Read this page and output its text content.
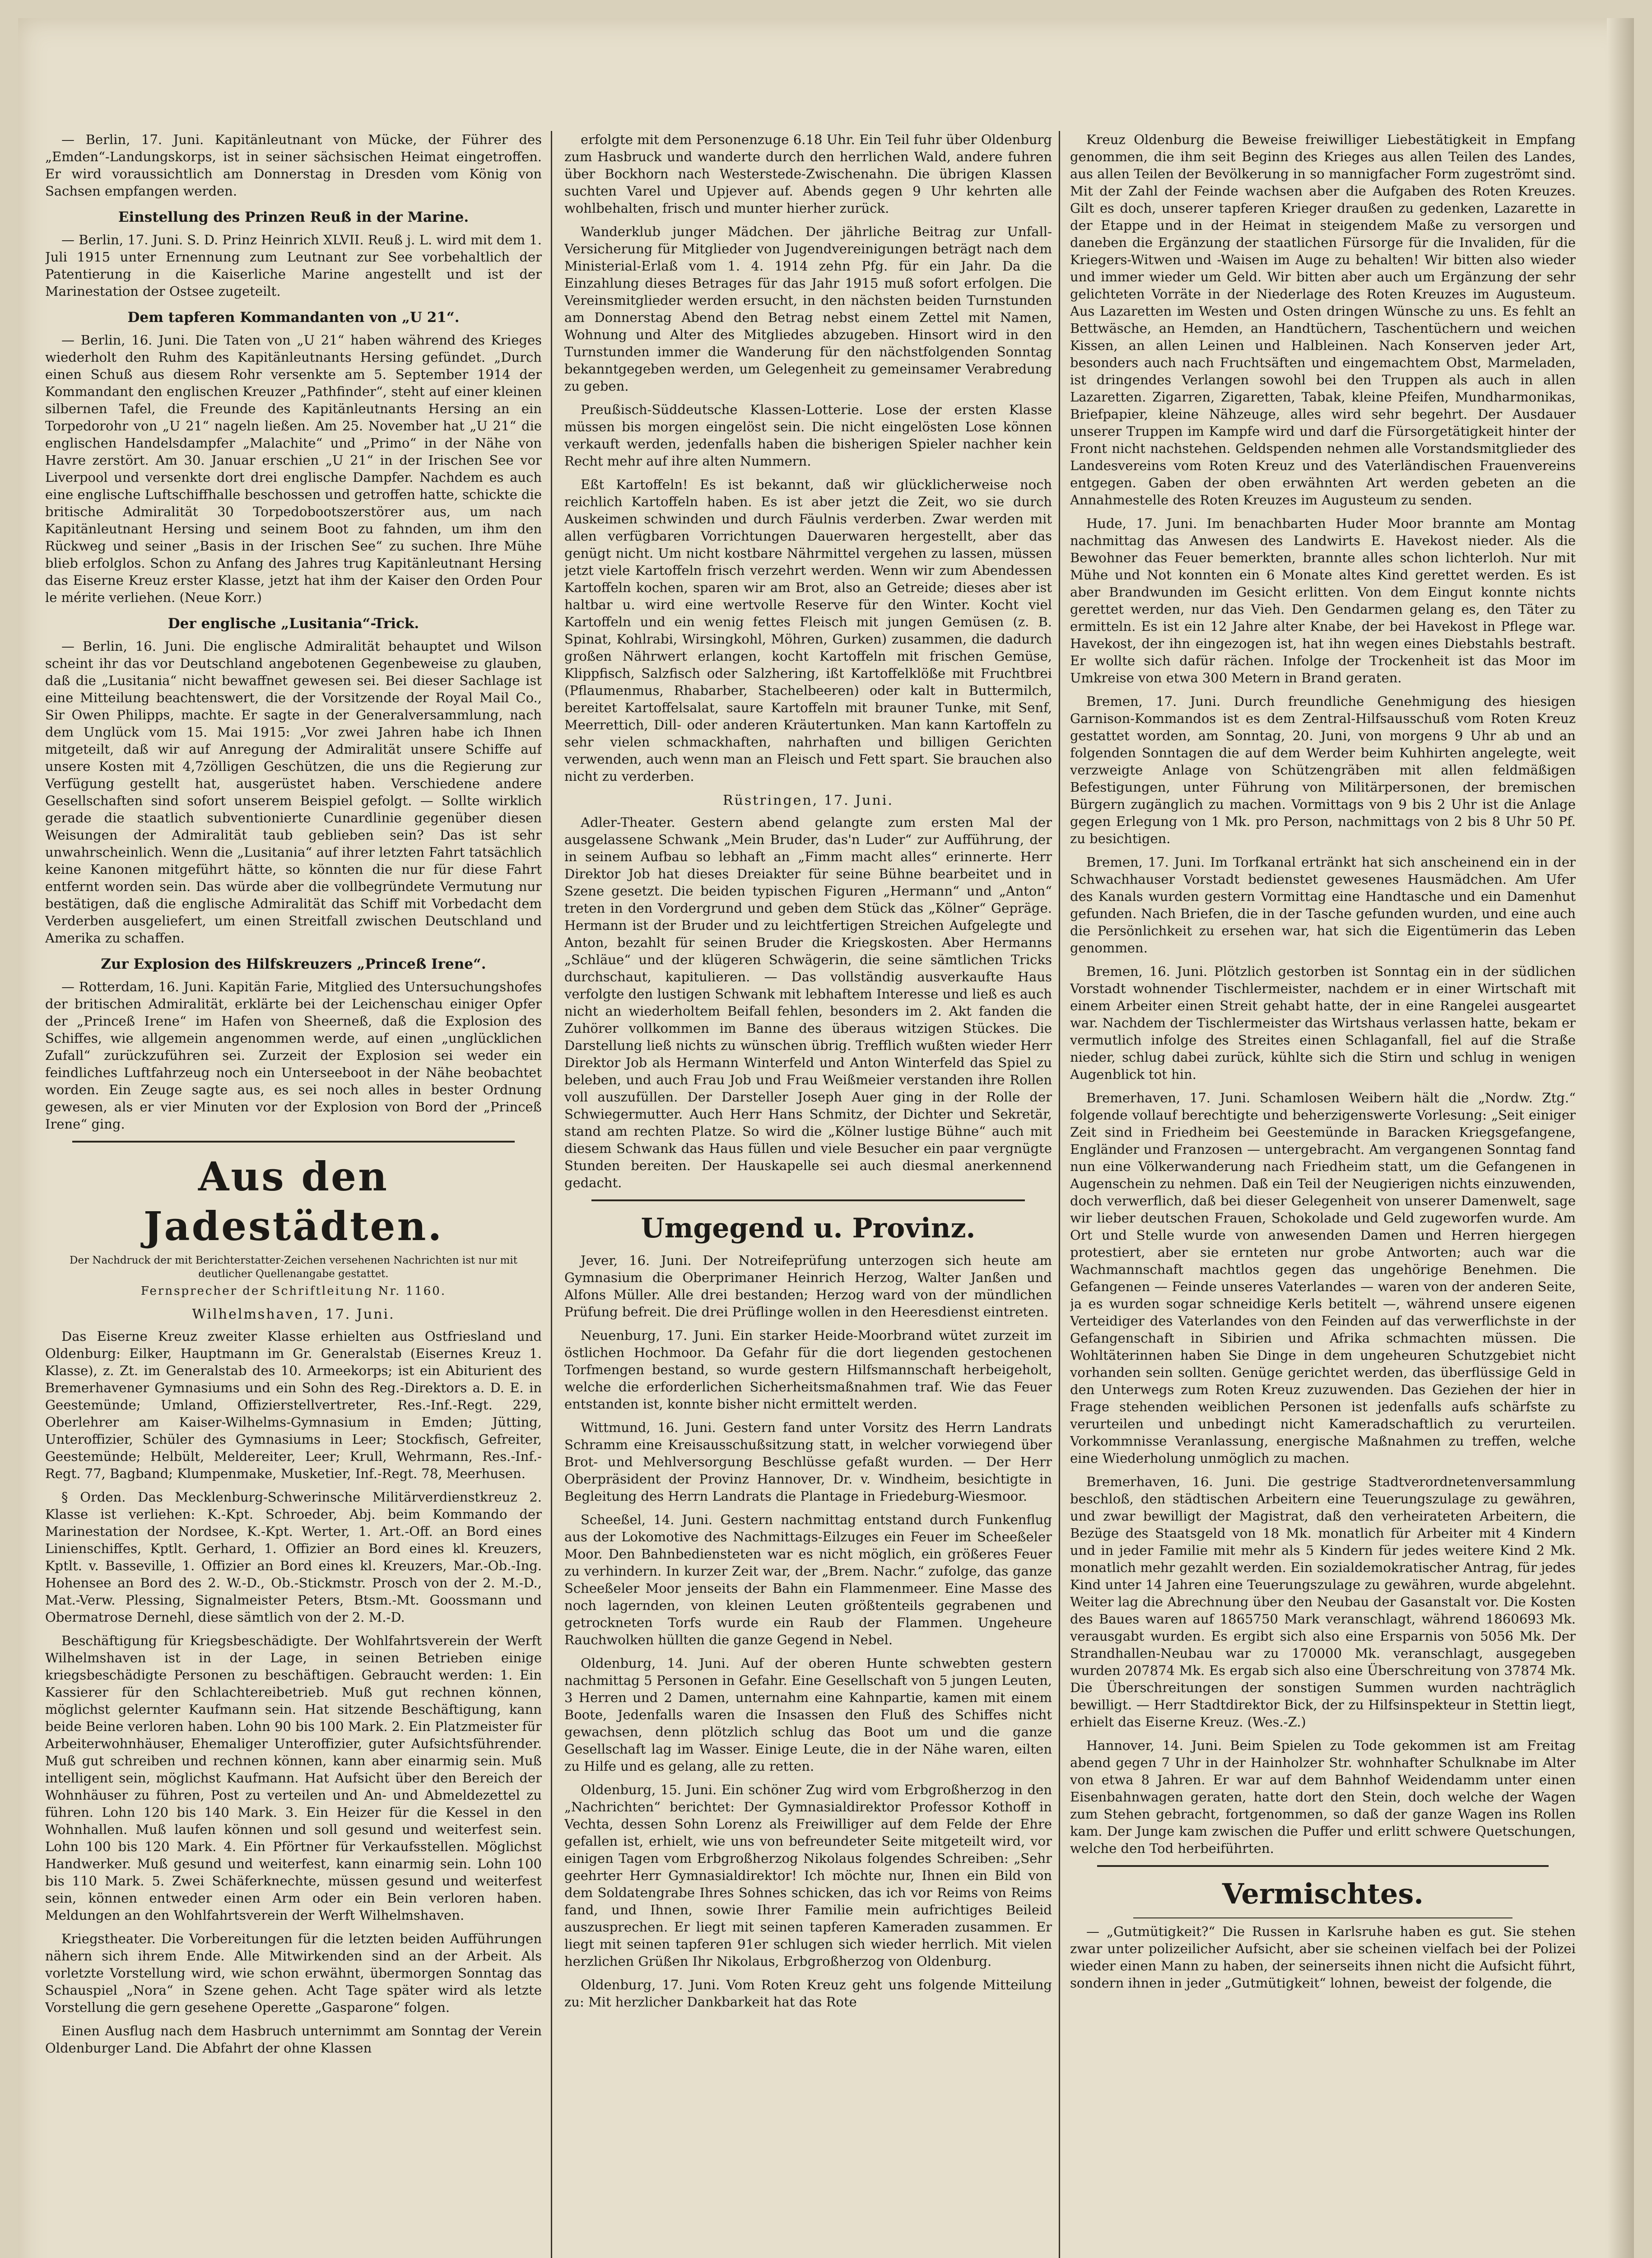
— Berlin, 17. Juni. Kapitänleutnant von Mücke, der Führer des „Emden“-Landungskorps, ist in seiner sächsischen Heimat eingetroffen. Er wird voraussichtlich am Donnerstag in Dresden vom König von Sachsen empfangen werden.

Einstellung des Prinzen Reuß in der Marine.

— Berlin, 17. Juni. S. D. Prinz Heinrich XLVII. Reuß j. L. wird mit dem 1. Juli 1915 unter Ernennung zum Leutnant zur See vorbehaltlich der Patentierung in die Kaiserliche Marine angestellt und ist der Marinestation der Ostsee zugeteilt.

Dem tapferen Kommandanten von „U 21“.

— Berlin, 16. Juni. Die Taten von „U 21“ haben während des Krieges wiederholt den Ruhm des Kapitänleutnants Hersing gefündet. „Durch einen Schuß aus diesem Rohr versenkte am 5. September 1914 der Kommandant den englischen Kreuzer „Pathfinder“, steht auf einer kleinen silbernen Tafel, die Freunde des Kapitänleutnants Hersing an ein Torpedorohr von „U 21“ nageln ließen. Am 25. November hat „U 21“ die englischen Handelsdampfer „Malachite“ und „Primo“ in der Nähe von Havre zerstört. Am 30. Januar erschien „U 21“ in der Irischen See vor Liverpool und versenkte dort drei englische Dampfer. Nachdem es auch eine englische Luftschiffhalle beschossen und getroffen hatte, schickte die britische Admiralität 30 Torpedobootszerstörer aus, um nach Kapitänleutnant Hersing und seinem Boot zu fahnden, um ihm den Rückweg und seiner „Basis in der Irischen See“ zu suchen. Ihre Mühe blieb erfolglos. Schon zu Anfang des Jahres trug Kapitänleutnant Hersing das Eiserne Kreuz erster Klasse, jetzt hat ihm der Kaiser den Orden Pour le mérite verliehen. (Neue Korr.)

Der englische „Lusitania“-Trick.

— Berlin, 16. Juni. Die englische Admiralität behauptet und Wilson scheint ihr das vor Deutschland angebotenen Gegenbeweise zu glauben, daß die „Lusitania“ nicht bewaffnet gewesen sei. Bei dieser Sachlage ist eine Mitteilung beachtenswert, die der Vorsitzende der Royal Mail Co., Sir Owen Philipps, machte. Er sagte in der Generalversammlung, nach dem Unglück vom 15. Mai 1915: „Vor zwei Jahren habe ich Ihnen mitgeteilt, daß wir auf Anregung der Admiralität unsere Schiffe auf unsere Kosten mit 4,7zölligen Geschützen, die uns die Regierung zur Verfügung gestellt hat, ausgerüstet haben. Verschiedene andere Gesellschaften sind sofort unserem Beispiel gefolgt. — Sollte wirklich gerade die staatlich subventionierte Cunardlinie gegenüber diesen Weisungen der Admiralität taub geblieben sein? Das ist sehr unwahrscheinlich. Wenn die „Lusitania“ auf ihrer letzten Fahrt tatsächlich keine Kanonen mitgeführt hätte, so könnten die nur für diese Fahrt entfernt worden sein. Das würde aber die vollbegründete Vermutung nur bestätigen, daß die englische Admiralität das Schiff mit Vorbedacht dem Verderben ausgeliefert, um einen Streitfall zwischen Deutschland und Amerika zu schaffen.

Zur Explosion des Hilfskreuzers „Princeß Irene“.

— Rotterdam, 16. Juni. Kapitän Farie, Mitglied des Untersuchungshofes der britischen Admiralität, erklärte bei der Leichenschau einiger Opfer der „Princeß Irene“ im Hafen von Sheerneß, daß die Explosion des Schiffes, wie allgemein angenommen werde, auf einen „unglücklichen Zufall“ zurückzuführen sei. Zurzeit der Explosion sei weder ein feindliches Luftfahrzeug noch ein Unterseeboot in der Nähe beobachtet worden. Ein Zeuge sagte aus, es sei noch alles in bester Ordnung gewesen, als er vier Minuten vor der Explosion von Bord der „Princeß Irene“ ging.

Aus den Jadestädten.
Der Nachdruck der mit Berichterstatter-Zeichen versehenen Nachrichten ist nur mit deutlicher Quellenangabe gestattet.
Fernsprecher der Schriftleitung Nr. 1160.
Wilhelmshaven, 17. Juni.

Das Eiserne Kreuz zweiter Klasse erhielten aus Ostfriesland und Oldenburg: Eilker, Hauptmann im Gr. Generalstab (Eisernes Kreuz 1. Klasse), z. Zt. im Generalstab des 10. Armeekorps; ist ein Abiturient des Bremerhavener Gymnasiums und ein Sohn des Reg.-Direktors a. D. E. in Geestemünde; Umland, Offizierstellvertreter, Res.-Inf.-Regt. 229, Oberlehrer am Kaiser-Wilhelms-Gymnasium in Emden; Jütting, Unteroffizier, Schüler des Gymnasiums in Leer; Stockfisch, Gefreiter, Geestemünde; Helbült, Meldereiter, Leer; Krull, Wehrmann, Res.-Inf.-Regt. 77, Bagband; Klumpenmake, Musketier, Inf.-Regt. 78, Meerhusen.

§ Orden. Das Mecklenburg-Schwerinsche Militärverdienstkreuz 2. Klasse ist verliehen: K.-Kpt. Schroeder, Abj. beim Kommando der Marinestation der Nordsee, K.-Kpt. Werter, 1. Art.-Off. an Bord eines Linienschiffes, Kptlt. Gerhard, 1. Offizier an Bord eines kl. Kreuzers, Kptlt. v. Basseville, 1. Offizier an Bord eines kl. Kreuzers, Mar.-Ob.-Ing. Hohensee an Bord des 2. W.-D., Ob.-Stickmstr. Prosch von der 2. M.-D., Mat.-Verw. Plessing, Signalmeister Peters, Btsm.-Mt. Goossmann und Obermatrose Dernehl, diese sämtlich von der 2. M.-D.

Beschäftigung für Kriegsbeschädigte. Der Wohlfahrtsverein der Werft Wilhelmshaven ist in der Lage, in seinen Betrieben einige kriegsbeschädigte Personen zu beschäftigen. Gebraucht werden: 1. Ein Kassierer für den Schlachtereibetrieb. Muß gut rechnen können, möglichst gelernter Kaufmann sein. Hat sitzende Beschäftigung, kann beide Beine verloren haben. Lohn 90 bis 100 Mark. 2. Ein Platzmeister für Arbeiterwohnhäuser, Ehemaliger Unteroffizier, guter Aufsichtsführender. Muß gut schreiben und rechnen können, kann aber einarmig sein. Muß intelligent sein, möglichst Kaufmann. Hat Aufsicht über den Bereich der Wohnhäuser zu führen, Post zu verteilen und An- und Abmeldezettel zu führen. Lohn 120 bis 140 Mark. 3. Ein Heizer für die Kessel in den Wohnhallen. Muß laufen können und soll gesund und weiterfest sein. Lohn 100 bis 120 Mark. 4. Ein Pförtner für Verkaufsstellen. Möglichst Handwerker. Muß gesund und weiterfest, kann einarmig sein. Lohn 100 bis 110 Mark. 5. Zwei Schäferknechte, müssen gesund und weiterfest sein, können entweder einen Arm oder ein Bein verloren haben. Meldungen an den Wohlfahrtsverein der Werft Wilhelmshaven.

Kriegstheater. Die Vorbereitungen für die letzten beiden Aufführungen nähern sich ihrem Ende. Alle Mitwirkenden sind an der Arbeit. Als vorletzte Vorstellung wird, wie schon erwähnt, übermorgen Sonntag das Schauspiel „Nora“ in Szene gehen. Acht Tage später wird als letzte Vorstellung die gern gesehene Operette „Gasparone“ folgen.

Einen Ausflug nach dem Hasbruch unternimmt am Sonntag der Verein Oldenburger Land. Die Abfahrt der ohne Klassen

erfolgte mit dem Personenzuge 6.18 Uhr. Ein Teil fuhr über Oldenburg zum Hasbruck und wanderte durch den herrlichen Wald, andere fuhren über Bockhorn nach Westerstede-Zwischenahn. Die übrigen Klassen suchten Varel und Upjever auf. Abends gegen 9 Uhr kehrten alle wohlbehalten, frisch und munter hierher zurück.

Wanderklub junger Mädchen. Der jährliche Beitrag zur Unfall-Versicherung für Mitglieder von Jugendvereinigungen beträgt nach dem Ministerial-Erlaß vom 1. 4. 1914 zehn Pfg. für ein Jahr. Da die Einzahlung dieses Betrages für das Jahr 1915 muß sofort erfolgen. Die Vereinsmitglieder werden ersucht, in den nächsten beiden Turnstunden am Donnerstag Abend den Betrag nebst einem Zettel mit Namen, Wohnung und Alter des Mitgliedes abzugeben. Hinsort wird in den Turnstunden immer die Wanderung für den nächstfolgenden Sonntag bekanntgegeben werden, um Gelegenheit zu gemeinsamer Verabredung zu geben.

Preußisch-Süddeutsche Klassen-Lotterie. Lose der ersten Klasse müssen bis morgen eingelöst sein. Die nicht eingelösten Lose können verkauft werden, jedenfalls haben die bisherigen Spieler nachher kein Recht mehr auf ihre alten Nummern.

Eßt Kartoffeln! Es ist bekannt, daß wir glücklicherweise noch reichlich Kartoffeln haben. Es ist aber jetzt die Zeit, wo sie durch Auskeimen schwinden und durch Fäulnis verderben. Zwar werden mit allen verfügbaren Vorrichtungen Dauerwaren hergestellt, aber das genügt nicht. Um nicht kostbare Nährmittel vergehen zu lassen, müssen jetzt viele Kartoffeln frisch verzehrt werden. Wenn wir zum Abendessen Kartoffeln kochen, sparen wir am Brot, also an Getreide; dieses aber ist haltbar u. wird eine wertvolle Reserve für den Winter. Kocht viel Kartoffeln und ein wenig fettes Fleisch mit jungen Gemüsen (z. B. Spinat, Kohlrabi, Wirsingkohl, Möhren, Gurken) zusammen, die dadurch großen Nährwert erlangen, kocht Kartoffeln mit frischen Gemüse, Klippfisch, Salzfisch oder Salzhering, ißt Kartoffelklöße mit Fruchtbrei (Pflaumenmus, Rhabarber, Stachelbeeren) oder kalt in Buttermilch, bereitet Kartoffelsalat, saure Kartoffeln mit brauner Tunke, mit Senf, Meerrettich, Dill- oder anderen Kräutertunken. Man kann Kartoffeln zu sehr vielen schmackhaften, nahrhaften und billigen Gerichten verwenden, auch wenn man an Fleisch und Fett spart. Sie brauchen also nicht zu verderben.

Rüstringen, 17. Juni.

Adler-Theater. Gestern abend gelangte zum ersten Mal der ausgelassene Schwank „Mein Bruder, das'n Luder“ zur Aufführung, der in seinem Aufbau so lebhaft an „Fimm macht alles“ erinnerte. Herr Direktor Job hat dieses Dreiakter für seine Bühne bearbeitet und in Szene gesetzt. Die beiden typischen Figuren „Hermann“ und „Anton“ treten in den Vordergrund und geben dem Stück das „Kölner“ Gepräge. Hermann ist der Bruder und zu leichtfertigen Streichen Aufgelegte und Anton, bezahlt für seinen Bruder die Kriegskosten. Aber Hermanns „Schläue“ und der klügeren Schwägerin, die seine sämtlichen Tricks durchschaut, kapitulieren. — Das vollständig ausverkaufte Haus verfolgte den lustigen Schwank mit lebhaftem Interesse und ließ es auch nicht an wiederholtem Beifall fehlen, besonders im 2. Akt fanden die Zuhörer vollkommen im Banne des überaus witzigen Stückes. Die Darstellung ließ nichts zu wünschen übrig. Trefflich wußten wieder Herr Direktor Job als Hermann Winterfeld und Anton Winterfeld das Spiel zu beleben, und auch Frau Job und Frau Weißmeier verstanden ihre Rollen voll auszufüllen. Der Darsteller Joseph Auer ging in der Rolle der Schwiegermutter. Auch Herr Hans Schmitz, der Dichter und Sekretär, stand am rechten Platze. So wird die „Kölner lustige Bühne“ auch mit diesem Schwank das Haus füllen und viele Besucher ein paar vergnügte Stunden bereiten. Der Hauskapelle sei auch diesmal anerkennend gedacht.

Umgegend u. Provinz.

Jever, 16. Juni. Der Notreifeprüfung unterzogen sich heute am Gymnasium die Oberprimaner Heinrich Herzog, Walter Janßen und Alfons Müller. Alle drei bestanden; Herzog ward von der mündlichen Prüfung befreit. Die drei Prüflinge wollen in den Heeresdienst eintreten.

Neuenburg, 17. Juni. Ein starker Heide-Moorbrand wütet zurzeit im östlichen Hochmoor. Da Gefahr für die dort liegenden gestochenen Torfmengen bestand, so wurde gestern Hilfsmannschaft herbeigeholt, welche die erforderlichen Sicherheitsmaßnahmen traf. Wie das Feuer entstanden ist, konnte bisher nicht ermittelt werden.

Wittmund, 16. Juni. Gestern fand unter Vorsitz des Herrn Landrats Schramm eine Kreisausschußsitzung statt, in welcher vorwiegend über Brot- und Mehlversorgung Beschlüsse gefaßt wurden. — Der Herr Oberpräsident der Provinz Hannover, Dr. v. Windheim, besichtigte in Begleitung des Herrn Landrats die Plantage in Friedeburg-Wiesmoor.

Scheeßel, 14. Juni. Gestern nachmittag entstand durch Funkenflug aus der Lokomotive des Nachmittags-Eilzuges ein Feuer im Scheeßeler Moor. Den Bahnbediensteten war es nicht möglich, ein größeres Feuer zu verhindern. In kurzer Zeit war, der „Brem. Nachr.“ zufolge, das ganze Scheeßeler Moor jenseits der Bahn ein Flammenmeer. Eine Masse des noch lagernden, von kleinen Leuten größtenteils gegrabenen und getrockneten Torfs wurde ein Raub der Flammen. Ungeheure Rauchwolken hüllten die ganze Gegend in Nebel.

Oldenburg, 14. Juni. Auf der oberen Hunte schwebten gestern nachmittag 5 Personen in Gefahr. Eine Gesellschaft von 5 jungen Leuten, 3 Herren und 2 Damen, unternahm eine Kahnpartie, kamen mit einem Boote, Jedenfalls waren die Insassen den Fluß des Schiffes nicht gewachsen, denn plötzlich schlug das Boot um und die ganze Gesellschaft lag im Wasser. Einige Leute, die in der Nähe waren, eilten zu Hilfe und es gelang, alle zu retten.

Oldenburg, 15. Juni. Ein schöner Zug wird vom Erbgroßherzog in den „Nachrichten“ berichtet: Der Gymnasialdirektor Professor Kothoff in Vechta, dessen Sohn Lorenz als Freiwilliger auf dem Felde der Ehre gefallen ist, erhielt, wie uns von befreundeter Seite mitgeteilt wird, vor einigen Tagen vom Erbgroßherzog Nikolaus folgendes Schreiben: „Sehr geehrter Herr Gymnasialdirektor! Ich möchte nur, Ihnen ein Bild von dem Soldatengrabe Ihres Sohnes schicken, das ich vor Reims von Reims fand, und Ihnen, sowie Ihrer Familie mein aufrichtiges Beileid auszusprechen. Er liegt mit seinen tapferen Kameraden zusammen. Er liegt mit seinen tapferen 91er schlugen sich wieder herrlich. Mit vielen herzlichen Grüßen Ihr Nikolaus, Erbgroßherzog von Oldenburg.

Oldenburg, 17. Juni. Vom Roten Kreuz geht uns folgende Mitteilung zu: Mit herzlicher Dankbarkeit hat das Rote

Kreuz Oldenburg die Beweise freiwilliger Liebestätigkeit in Empfang genommen, die ihm seit Beginn des Krieges aus allen Teilen des Landes, aus allen Teilen der Bevölkerung in so mannigfacher Form zugeströmt sind. Mit der Zahl der Feinde wachsen aber die Aufgaben des Roten Kreuzes. Gilt es doch, unserer tapferen Krieger draußen zu gedenken, Lazarette in der Etappe und in der Heimat in steigendem Maße zu versorgen und daneben die Ergänzung der staatlichen Fürsorge für die Invaliden, für die Kriegers-Witwen und -Waisen im Auge zu behalten! Wir bitten also wieder und immer wieder um Geld. Wir bitten aber auch um Ergänzung der sehr gelichteten Vorräte in der Niederlage des Roten Kreuzes im Augusteum. Aus Lazaretten im Westen und Osten dringen Wünsche zu uns. Es fehlt an Bettwäsche, an Hemden, an Handtüchern, Taschentüchern und weichen Kissen, an allen Leinen und Halbleinen. Nach Konserven jeder Art, besonders auch nach Fruchtsäften und eingemachtem Obst, Marmeladen, ist dringendes Verlangen sowohl bei den Truppen als auch in allen Lazaretten. Zigarren, Zigaretten, Tabak, kleine Pfeifen, Mundharmonikas, Briefpapier, kleine Nähzeuge, alles wird sehr begehrt. Der Ausdauer unserer Truppen im Kampfe wird und darf die Fürsorgetätigkeit hinter der Front nicht nachstehen. Geldspenden nehmen alle Vorstandsmitglieder des Landesvereins vom Roten Kreuz und des Vaterländischen Frauenvereins entgegen. Gaben der oben erwähnten Art werden gebeten an die Annahmestelle des Roten Kreuzes im Augusteum zu senden.

Hude, 17. Juni. Im benachbarten Huder Moor brannte am Montag nachmittag das Anwesen des Landwirts E. Havekost nieder. Als die Bewohner das Feuer bemerkten, brannte alles schon lichterloh. Nur mit Mühe und Not konnten ein 6 Monate altes Kind gerettet werden. Es ist aber Brandwunden im Gesicht erlitten. Von dem Eingut konnte nichts gerettet werden, nur das Vieh. Den Gendarmen gelang es, den Täter zu ermitteln. Es ist ein 12 Jahre alter Knabe, der bei Havekost in Pflege war. Havekost, der ihn eingezogen ist, hat ihn wegen eines Diebstahls bestraft. Er wollte sich dafür rächen. Infolge der Trockenheit ist das Moor im Umkreise von etwa 300 Metern in Brand geraten.

Bremen, 17. Juni. Durch freundliche Genehmigung des hiesigen Garnison-Kommandos ist es dem Zentral-Hilfsausschuß vom Roten Kreuz gestattet worden, am Sonntag, 20. Juni, von morgens 9 Uhr ab und an folgenden Sonntagen die auf dem Werder beim Kuhhirten angelegte, weit verzweigte Anlage von Schützengräben mit allen feldmäßigen Befestigungen, unter Führung von Militärpersonen, der bremischen Bürgern zugänglich zu machen. Vormittags von 9 bis 2 Uhr ist die Anlage gegen Erlegung von 1 Mk. pro Person, nachmittags von 2 bis 8 Uhr 50 Pf. zu besichtigen.

Bremen, 17. Juni. Im Torfkanal ertränkt hat sich anscheinend ein in der Schwachhauser Vorstadt bedienstet gewesenes Hausmädchen. Am Ufer des Kanals wurden gestern Vormittag eine Handtasche und ein Damenhut gefunden. Nach Briefen, die in der Tasche gefunden wurden, und eine auch die Persönlichkeit zu ersehen war, hat sich die Eigentümerin das Leben genommen.

Bremen, 16. Juni. Plötzlich gestorben ist Sonntag ein in der südlichen Vorstadt wohnender Tischlermeister, nachdem er in einer Wirtschaft mit einem Arbeiter einen Streit gehabt hatte, der in eine Rangelei ausgeartet war. Nachdem der Tischlermeister das Wirtshaus verlassen hatte, bekam er vermutlich infolge des Streites einen Schlaganfall, fiel auf die Straße nieder, schlug dabei zurück, kühlte sich die Stirn und schlug in wenigen Augenblick tot hin.

Bremerhaven, 17. Juni. Schamlosen Weibern hält die „Nordw. Ztg.“ folgende vollauf berechtigte und beherzigenswerte Vorlesung: „Seit einiger Zeit sind in Friedheim bei Geestemünde in Baracken Kriegsgefangene, Engländer und Franzosen — untergebracht. Am vergangenen Sonntag fand nun eine Völkerwanderung nach Friedheim statt, um die Gefangenen in Augenschein zu nehmen. Daß ein Teil der Neugierigen nichts einzuwenden, doch verwerflich, daß bei dieser Gelegenheit von unserer Damenwelt, sage wir lieber deutschen Frauen, Schokolade und Geld zugeworfen wurde. Am Ort und Stelle wurde von anwesenden Damen und Herren hiergegen protestiert, aber sie ernteten nur grobe Antworten; auch war die Wachmannschaft machtlos gegen das ungehörige Benehmen. Die Gefangenen — Feinde unseres Vaterlandes — waren von der anderen Seite, ja es wurden sogar schneidige Kerls betitelt —, während unsere eigenen Verteidiger des Vaterlandes von den Feinden auf das verwerflichste in der Gefangenschaft in Sibirien und Afrika schmachten müssen. Die Wohltäterinnen haben Sie Dinge in dem ungeheuren Schutzgebiet nicht vorhanden sein sollten. Genüge gerichtet werden, das überflüssige Geld in den Unterwegs zum Roten Kreuz zuzuwenden. Das Geziehen der hier in Frage stehenden weiblichen Personen ist jedenfalls aufs schärfste zu verurteilen und unbedingt nicht Kameradschaftlich zu verurteilen. Vorkommnisse Veranlassung, energische Maßnahmen zu treffen, welche eine Wiederholung unmöglich zu machen.

Bremerhaven, 16. Juni. Die gestrige Stadtverordnetenversammlung beschloß, den städtischen Arbeitern eine Teuerungszulage zu gewähren, und zwar bewilligt der Magistrat, daß den verheirateten Arbeitern, die Bezüge des Staatsgeld von 18 Mk. monatlich für Arbeiter mit 4 Kindern und in jeder Familie mit mehr als 5 Kindern für jedes weitere Kind 2 Mk. monatlich mehr gezahlt werden. Ein sozialdemokratischer Antrag, für jedes Kind unter 14 Jahren eine Teuerungszulage zu gewähren, wurde abgelehnt. Weiter lag die Abrechnung über den Neubau der Gasanstalt vor. Die Kosten des Baues waren auf 1865750 Mark veranschlagt, während 1860693 Mk. verausgabt wurden. Es ergibt sich also eine Ersparnis von 5056 Mk. Der Strandhallen-Neubau war zu 170000 Mk. veranschlagt, ausgegeben wurden 207874 Mk. Es ergab sich also eine Überschreitung von 37874 Mk. Die Überschreitungen der sonstigen Summen wurden nachträglich bewilligt. — Herr Stadtdirektor Bick, der zu Hilfsinspekteur in Stettin liegt, erhielt das Eiserne Kreuz. (Wes.-Z.)

Hannover, 14. Juni. Beim Spielen zu Tode gekommen ist am Freitag abend gegen 7 Uhr in der Hainholzer Str. wohnhafter Schulknabe im Alter von etwa 8 Jahren. Er war auf dem Bahnhof Weidendamm unter einen Eisenbahnwagen geraten, hatte dort den Stein, doch welche der Wagen zum Stehen gebracht, fortgenommen, so daß der ganze Wagen ins Rollen kam. Der Junge kam zwischen die Puffer und erlitt schwere Quetschungen, welche den Tod herbeiführten.

Vermischtes.

— „Gutmütigkeit?“ Die Russen in Karlsruhe haben es gut. Sie stehen zwar unter polizeilicher Aufsicht, aber sie scheinen vielfach bei der Polizei wieder einen Mann zu haben, der seinerseits ihnen nicht die Aufsicht führt, sondern ihnen in jeder „Gutmütigkeit“ lohnen, beweist der folgende, die
